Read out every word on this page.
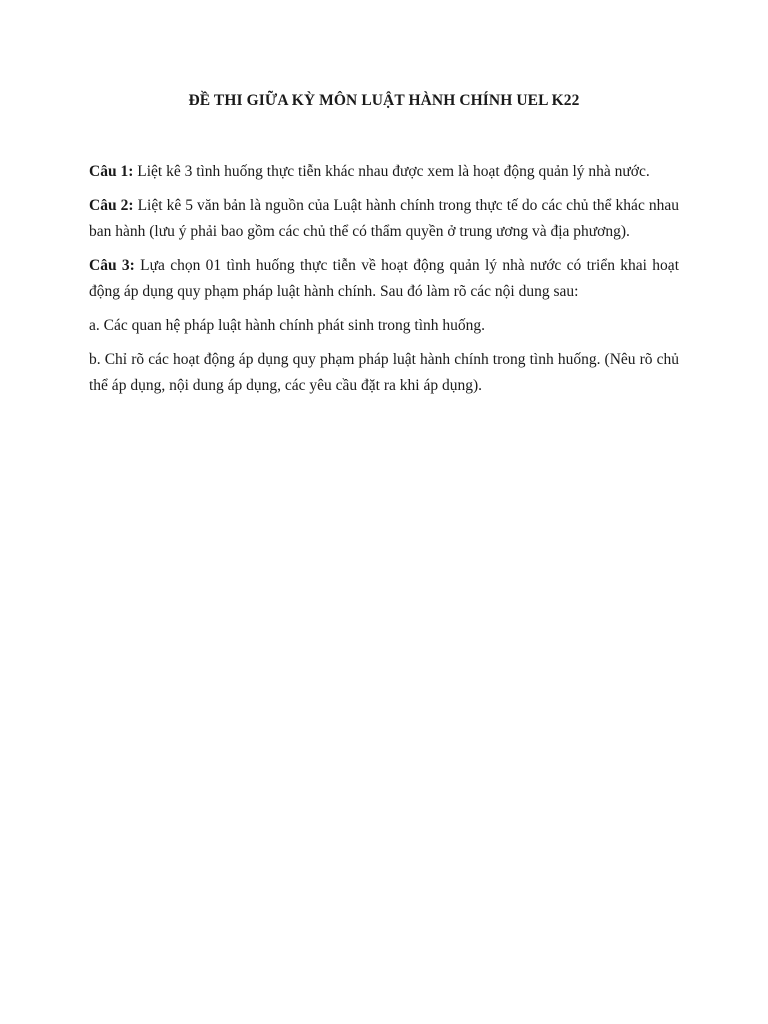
ĐỀ THI GIỮA KỲ MÔN LUẬT HÀNH CHÍNH UEL K22

Câu 1: Liệt kê 3 tình huống thực tiễn khác nhau được xem là hoạt động quản lý nhà nước.

Câu 2: Liệt kê 5 văn bản là nguồn của Luật hành chính trong thực tế do các chủ thể khác nhau ban hành (lưu ý phải bao gồm các chủ thể có thẩm quyền ở trung ương và địa phương).

Câu 3: Lựa chọn 01 tình huống thực tiễn về hoạt động quản lý nhà nước có triển khai hoạt động áp dụng quy phạm pháp luật hành chính. Sau đó làm rõ các nội dung sau:

a. Các quan hệ pháp luật hành chính phát sinh trong tình huống.

b. Chỉ rõ các hoạt động áp dụng quy phạm pháp luật hành chính trong tình huống. (Nêu rõ chủ thể áp dụng, nội dung áp dụng, các yêu cầu đặt ra khi áp dụng).
